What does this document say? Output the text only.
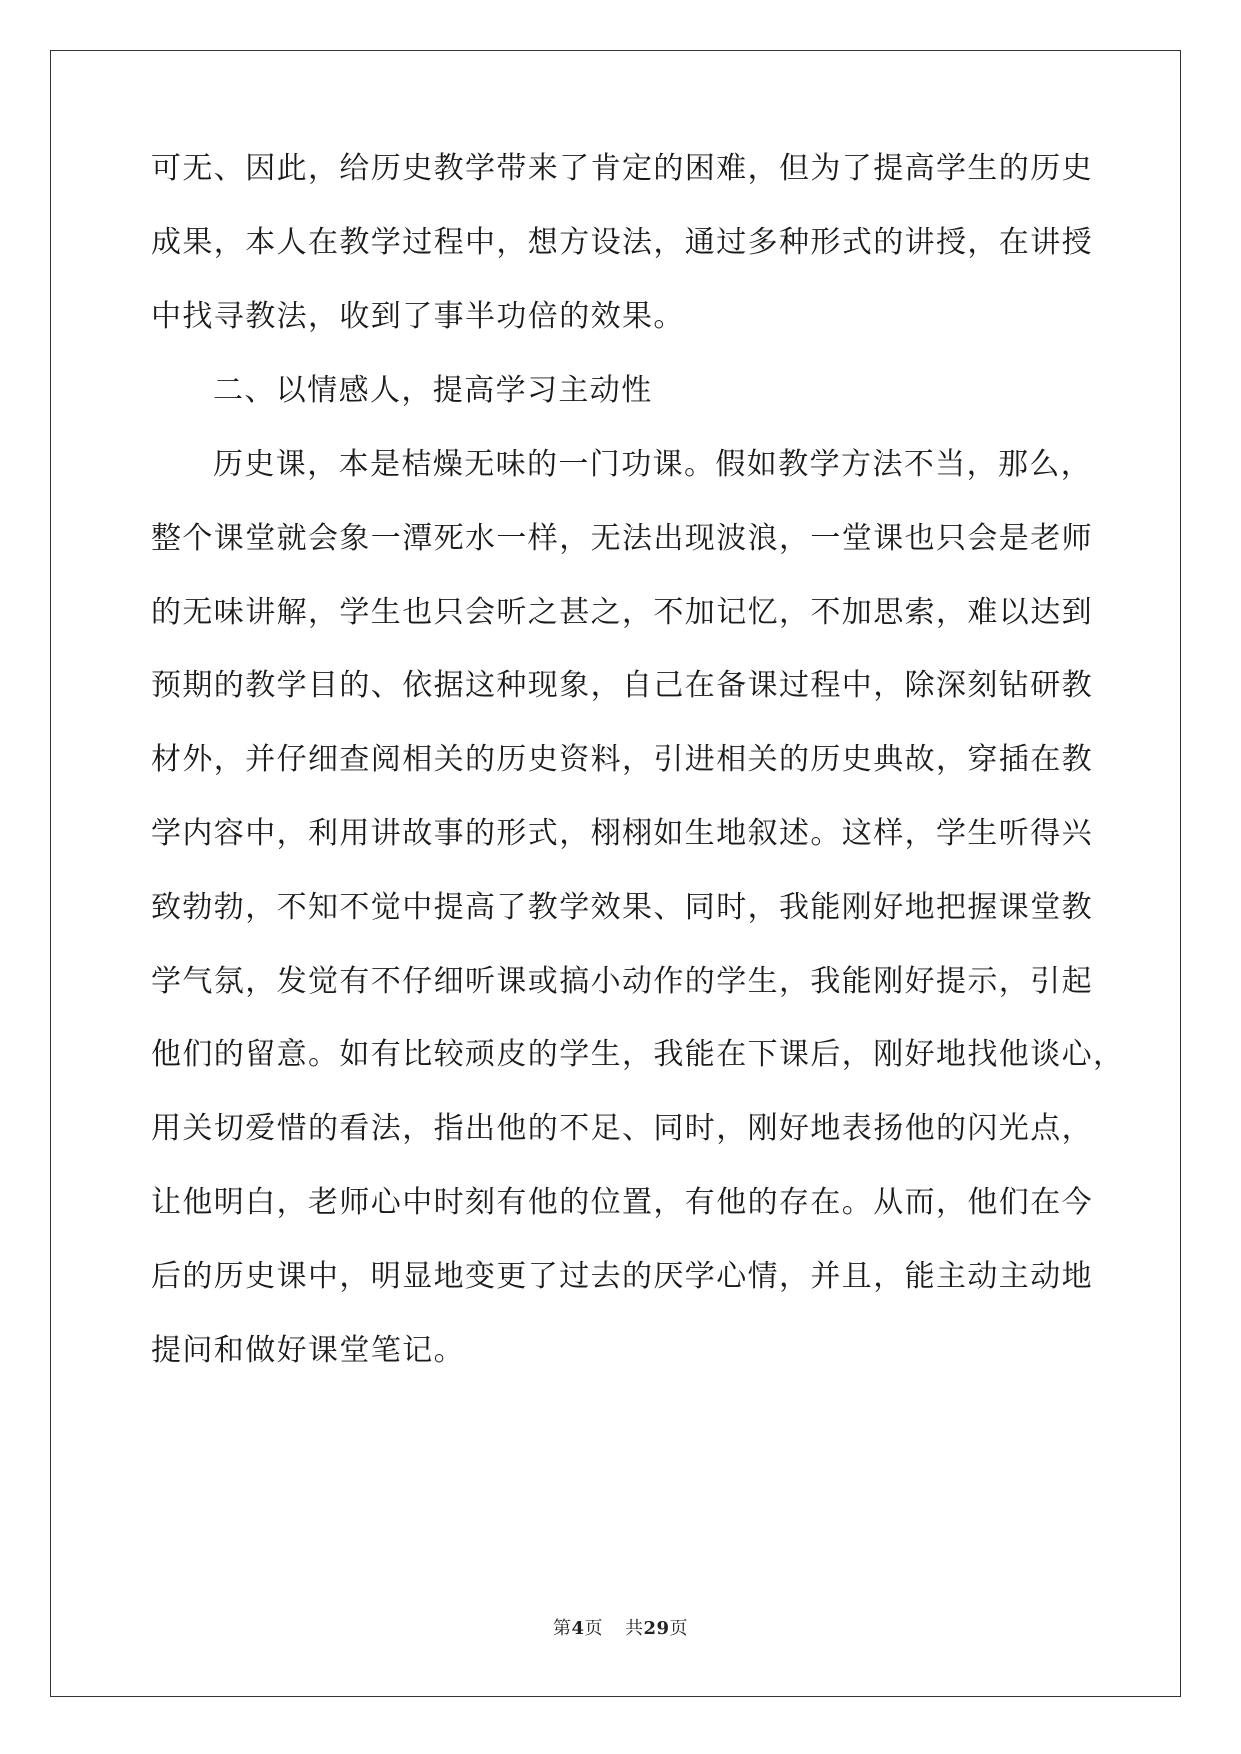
可无、因此，给历史教学带来了肯定的困难，但为了提高学生的历史
成果，本人在教学过程中，想方设法，通过多种形式的讲授，在讲授
中找寻教法，收到了事半功倍的效果。
二、以情感人，提高学习主动性
历史课，本是桔燥无味的一门功课。假如教学方法不当，那么，
整个课堂就会象一潭死水一样，无法出现波浪，一堂课也只会是老师
的无味讲解，学生也只会听之甚之，不加记忆，不加思索，难以达到
预期的教学目的、依据这种现象，自己在备课过程中，除深刻钻研教
材外，并仔细查阅相关的历史资料，引进相关的历史典故，穿插在教
学内容中，利用讲故事的形式，栩栩如生地叙述。这样，学生听得兴
致勃勃，不知不觉中提高了教学效果、同时，我能刚好地把握课堂教
学气氛，发觉有不仔细听课或搞小动作的学生，我能刚好提示，引起
他们的留意。如有比较顽皮的学生，我能在下课后，刚好地找他谈心，
用关切爱惜的看法，指出他的不足、同时，刚好地表扬他的闪光点，
让他明白，老师心中时刻有他的位置，有他的存在。从而，他们在今
后的历史课中，明显地变更了过去的厌学心情，并且，能主动主动地
提问和做好课堂笔记。
第4页 共29页
